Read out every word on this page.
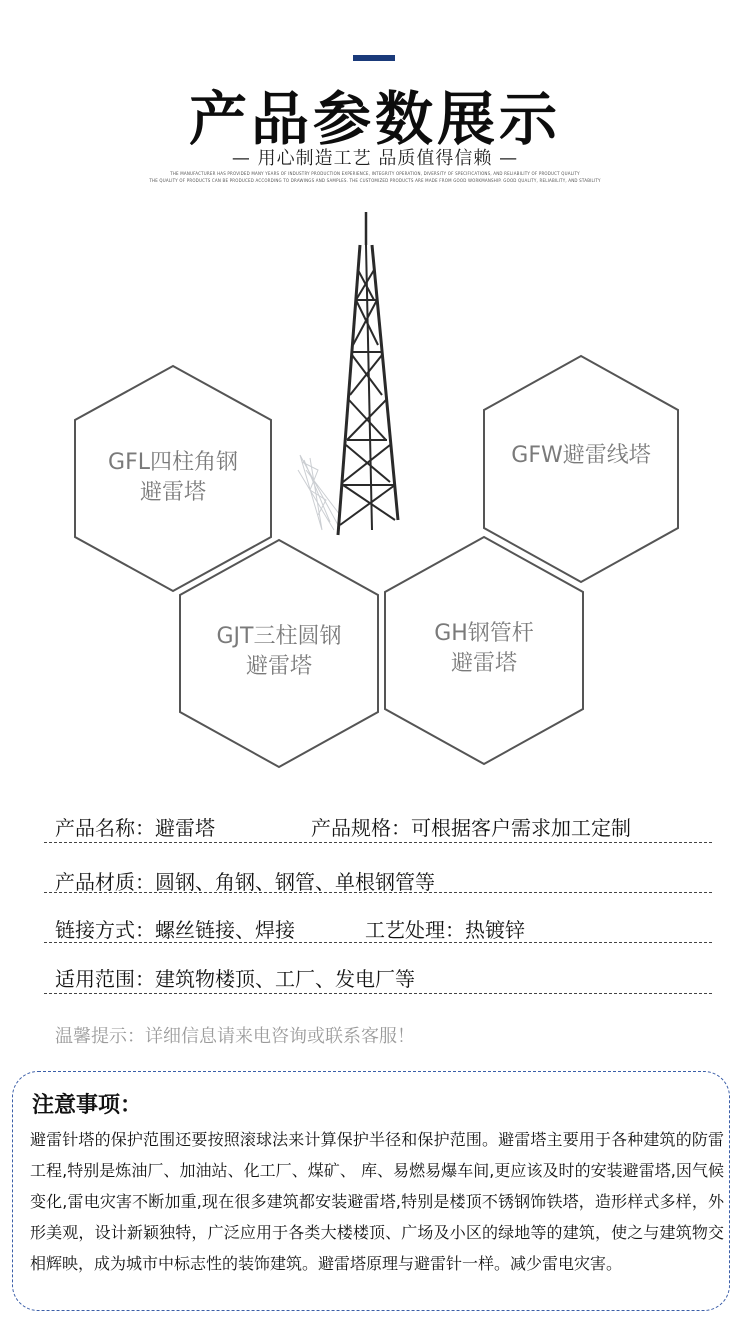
产品参数展示
— 用心制造工艺 品质值得信赖 —
THE MANUFACTURER HAS PROVIDED MANY YEARS OF INDUSTRY PRODUCTION EXPERIENCE, INTEGRITY OPERATION, DIVERSITY OF SPECIFICATIONS, AND RELIABILITY OF PRODUCT QUALITY
THE QUALITY OF PRODUCTS CAN BE PRODUCED ACCORDING TO DRAWINGS AND SAMPLES. THE CUSTOMIZED PRODUCTS ARE MADE FROM GOOD WORKMANSHIP. GOOD QUALITY, RELIABILITY, AND STABILITY
GFL四柱角钢
避雷塔
GFW避雷线塔
GJT三柱圆钢
避雷塔
GH钢管杆
避雷塔
产品名称：避雷塔	产品规格：可根据客户需求加工定制
产品材质：圆钢、角钢、钢管、单根钢管等
链接方式：螺丝链接、焊接	工艺处理：热镀锌
适用范围：建筑物楼顶、工厂、发电厂等
温馨提示：详细信息请来电咨询或联系客服！
注意事项：
避雷针塔的保护范围还要按照滚球法来计算保护半径和保护范围。避雷塔主要用于各种建筑的防雷工程,特别是炼油厂、加油站、化工厂、煤矿、 库、易燃易爆车间,更应该及时的安装避雷塔,因气候变化,雷电灾害不断加重,现在很多建筑都安装避雷塔,特别是楼顶不锈钢饰铁塔，造形样式多样，外形美观，设计新颖独特，广泛应用于各类大楼楼顶、广场及小区的绿地等的建筑，使之与建筑物交相辉映，成为城市中标志性的装饰建筑。避雷塔原理与避雷针一样。减少雷电灾害。
